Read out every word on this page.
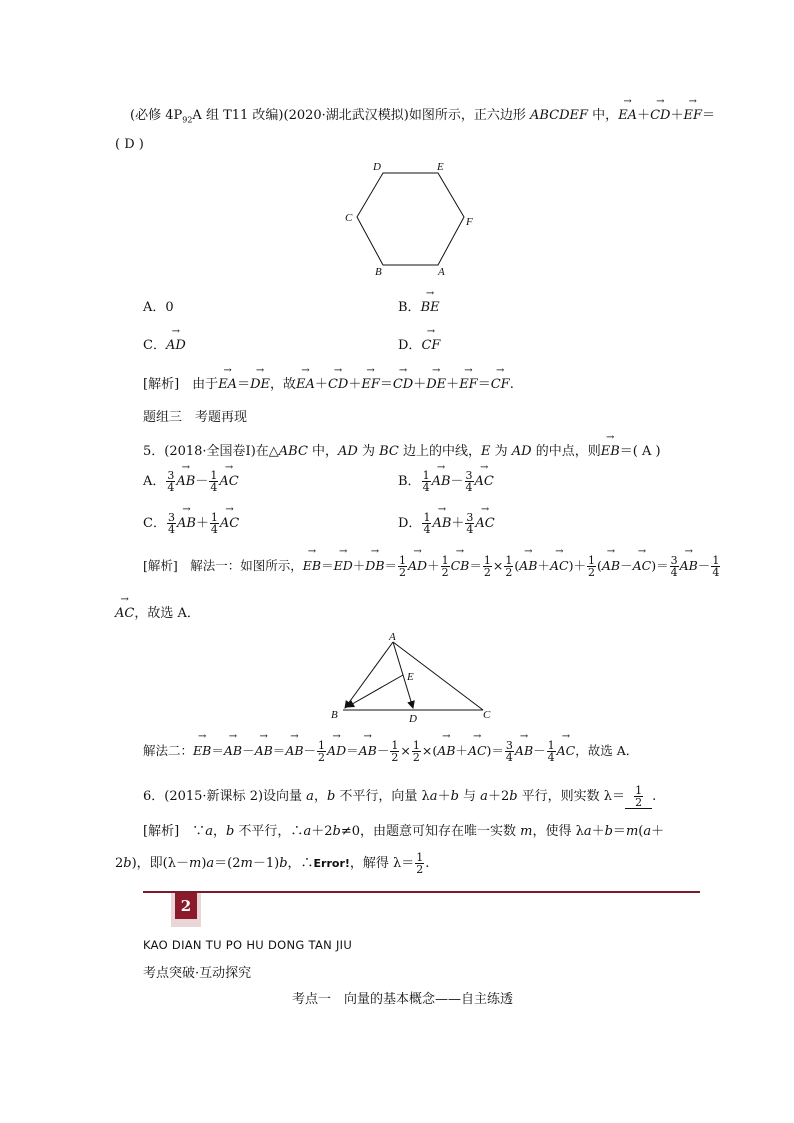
(必修 $4P_{92}A$ 组 T11 改编)(2020·湖北武汉模拟)如图所示，正六边形 ABCDEF 中，→ EA＋→ CD＋→ EF＝
( D )
D	E
C	F
B	A
A．0	B．→ BE
C．→ AD	D．→ CF
[解析]　 由于→ EA＝→ DE，故→ EA＋→ CD＋→ EF＝→ CD＋→ DE＋→ EF＝→ CF.
题组三　考题再现
5．(2018·全国卷Ⅰ)在△ABC 中，AD 为 BC 边上的中线，E 为 AD 的中点，则→ EB＝( A )
A． $\frac{3}{4}$
→ $AB- \frac{1}{4}$
→ AC	B． $\frac{1}{4}$
→ $AB- \frac{3}{4}$
→ AC
C． $\frac{3}{4}$
→ $AB+ \frac{1}{4}$
→ AC	D． $\frac{1}{4}$
→ $AB+ \frac{3}{4}$
→ AC
[解析]　 解法一：如图所示，→ $EB=\to ED+\to DB= \frac{1}{2}$
→ $AD+ \frac{1}{2}$
→ $CB= \frac{1}{2} \times \frac{1}{2}$ (→ $AB+\to AC)+ \frac{1}{2}$ (→ $AB-\to AC)= \frac{3}{4}$
→ $AB- \frac{1}{4}$
→ AC，故选 A．
A
E
B	D	C
解法二：→ $EB=\to AB-\to AB=\to AB- \frac{1}{2}$
→ $AD=\to AB- \frac{1}{2} \times \frac{1}{2}$ ×(→ $AB+\to AC)= \frac{3}{4}$
→ $AB- \frac{1}{4}$
→ AC，故选 A．
6．(2015·新课标 2)设向量 a，b 不平行，向量 λa＋b 与 a＋2b 平行，则实数 $\lambda= \frac{1}{2}$ .
[解析]　 ∵a，b 不平行，∴a＋2b≠0，由题意可知存在唯一实数 m，使得 λa＋b＝m(a＋
2b)，即(λ－m)a＝(2m－1)b，∴Error!，解得 $\lambda= \frac{1}{2}$ .
2
KAO DIAN TU PO HU DONG TAN JIU
考点突破·互动探究
考点一　向量的基本概念——自主练透
